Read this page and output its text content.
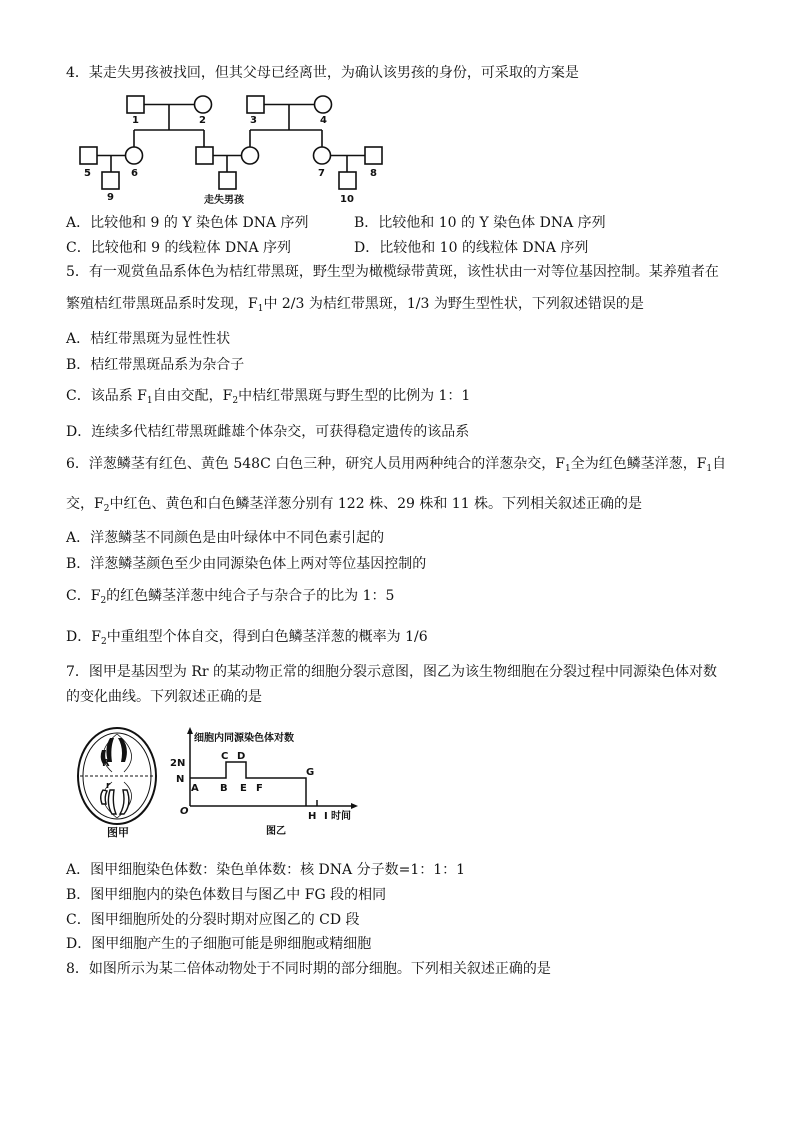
4．某走失男孩被找回，但其父母已经离世，为确认该男孩的身份，可采取的方案是
1	2	3	4
5	6
9
7	8
10
走失男孩
A．比较他和 9 的 Y 染色体 DNA 序列	B．比较他和 10 的 Y 染色体 DNA 序列
C．比较他和 9 的线粒体 DNA 序列	D．比较他和 10 的线粒体 DNA 序列
5．有一观赏鱼品系体色为桔红带黑斑，野生型为橄榄绿带黄斑，该性状由一对等位基因控制。某养殖者在
繁殖桔红带黑斑品系时发现，$F_1$中 2/3 为桔红带黑斑，1/3 为野生型性状，下列叙述错误的是
A．桔红带黑斑为显性性状
B．桔红带黑斑品系为杂合子
C．该品系 $F_1$自由交配，$F_2$中桔红带黑斑与野生型的比例为 1：1
D．连续多代桔红带黑斑雌雄个体杂交，可获得稳定遗传的该品系
6．洋葱鳞茎有红色、黄色 548C 白色三种，研究人员用两种纯合的洋葱杂交，$F_1$全为红色鳞茎洋葱，$F_1$自
交，$F_2$中红色、黄色和白色鳞茎洋葱分别有 122 株、29 株和 11 株。下列相关叙述正确的是
A．洋葱鳞茎不同颜色是由叶绿体中不同色素引起的
B．洋葱鳞茎颜色至少由同源染色体上两对等位基因控制的
C．$F_2$的红色鳞茎洋葱中纯合子与杂合子的比为 1：5
D．$F_2$中重组型个体自交，得到白色鳞茎洋葱的概率为 1/6
7．图甲是基因型为 Rr 的某动物正常的细胞分裂示意图，图乙为该生物细胞在分裂过程中同源染色体对数
的变化曲线。下列叙述正确的是
R
r
图甲
细胞内同源染色体对数
2N
N
O
A B
C D
E F
G
H I 时间
图乙
A．图甲细胞染色体数：染色单体数：核 DNA 分子数=1：1：1
B．图甲细胞内的染色体数目与图乙中 FG 段的相同
C．图甲细胞所处的分裂时期对应图乙的 CD 段
D．图甲细胞产生的子细胞可能是卵细胞或精细胞
8．如图所示为某二倍体动物处于不同时期的部分细胞。下列相关叙述正确的是
